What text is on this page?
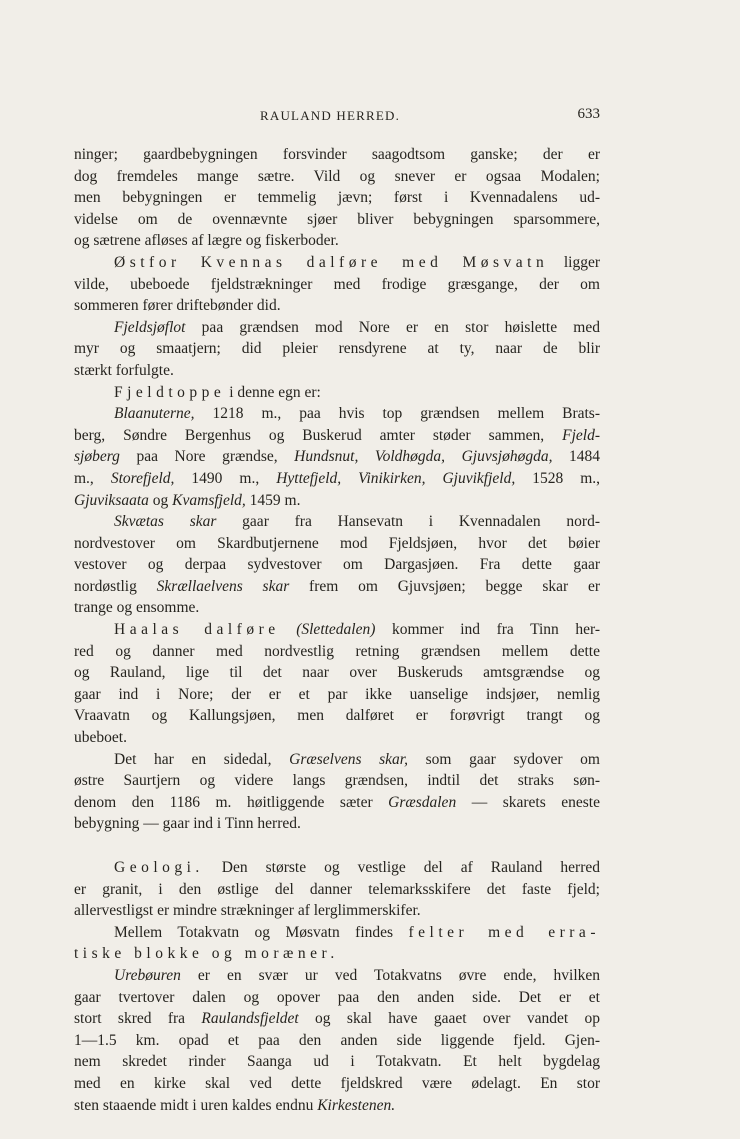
RAULAND HERRED.	633
ninger; gaardbebygningen forsvinder saagodtsom ganske; der er
dog fremdeles mange sætre. Vild og snever er ogsaa Modalen;
men bebygningen er temmelig jævn; først i Kvennadalens ud-
videlse om de ovennævnte sjøer bliver bebygningen sparsommere,
og sætrene afløses af lægre og fiskerboder.
Østfor Kvennas dalføre med Møsvatn ligger
vilde, ubeboede fjeldstrækninger med frodige græsgange, der om
sommeren fører driftebønder did.
Fjeldsjøflot paa grændsen mod Nore er en stor høislette med
myr og smaatjern; did pleier rensdyrene at ty, naar de blir
stærkt forfulgte.
Fjeldtoppe i denne egn er:
Blaanuterne, 1218 m., paa hvis top grændsen mellem Brats-
berg, Søndre Bergenhus og Buskerud amter støder sammen, Fjeld-
sjøberg paa Nore grændse, Hundsnut, Voldhøgda, Gjuvsjøhøgda, 1484
m., Storefjeld, 1490 m., Hyttefjeld, Vinikirken, Gjuvikfjeld, 1528 m.,
Gjuviksaata og Kvamsfjeld, 1459 m.
Skvætas skar gaar fra Hansevatn i Kvennadalen nord-
nordvestover om Skardbutjernene mod Fjeldsjøen, hvor det bøier
vestover og derpaa sydvestover om Dargasjøen. Fra dette gaar
nordøstlig Skrællaelvens skar frem om Gjuvsjøen; begge skar er
trange og ensomme.
Haalas dalføre (Slettedalen) kommer ind fra Tinn her-
red og danner med nordvestlig retning grændsen mellem dette
og Rauland, lige til det naar over Buskeruds amtsgrændse og
gaar ind i Nore; der er et par ikke uanselige indsjøer, nemlig
Vraavatn og Kallungsjøen, men dalføret er forøvrigt trangt og
ubeboet.
Det har en sidedal, Græselvens skar, som gaar sydover om
østre Saurtjern og videre langs grændsen, indtil det straks søn-
denom den 1186 m. høitliggende sæter Græsdalen — skarets eneste
bebygning — gaar ind i Tinn herred.
Geologi. Den største og vestlige del af Rauland herred
er granit, i den østlige del danner telemarksskifere det faste fjeld;
allervestligst er mindre strækninger af lerglimmerskifer.
Mellem Totakvatn og Møsvatn findes felter med erra-
tiske blokke og moræner.
Urebøuren er en svær ur ved Totakvatns øvre ende, hvilken
gaar tvertover dalen og opover paa den anden side. Det er et
stort skred fra Raulandsfjeldet og skal have gaaet over vandet op
1—1.5 km. opad et paa den anden side liggende fjeld. Gjen-
nem skredet rinder Saanga ud i Totakvatn. Et helt bygdelag
med en kirke skal ved dette fjeldskred være ødelagt. En stor
sten staaende midt i uren kaldes endnu Kirkestenen.
